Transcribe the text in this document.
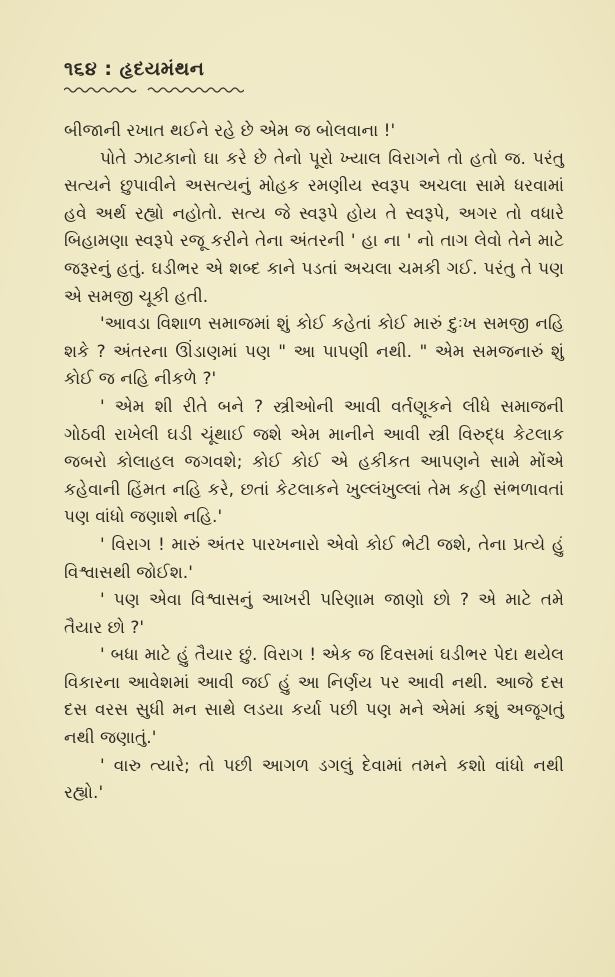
૧૬૪ : હૃદયમંથન

બીજાની રખાત થઈને રહે છે એમ જ બોલવાના !'

પોતે ઝાટકાનો ઘા કરે છે તેનો પૂરો ખ્યાલ વિરાગને તો હતો જ. પરંતુ સત્યને છુપાવીને અસત્યનું મોહક રમણીય સ્વરૂપ અચલા સામે ધરવામાં હવે અર્થ રહ્યો નહોતો. સત્ય જે સ્વરૂપે હોય તે સ્વરૂપે, અગર તો વધારે બિહામણા સ્વરૂપે રજૂ કરીને તેના અંતરની ' હા ના ' નો તાગ લેવો તેને માટે જરૂરનું હતું. ઘડીભર એ શબ્દ કાને પડતાં અચલા ચમકી ગઈ. પરંતુ તે પણ એ સમજી ચૂકી હતી.

'આવડા વિશાળ સમાજમાં શું કોઈ કહેતાં કોઈ મારું દુઃખ સમજી નહિ શકે ? અંતરના ઊંડાણમાં પણ " આ પાપણી નથી. " એમ સમજનારું શું કોઈ જ નહિ નીકળે ?'

' એમ શી રીતે બને ? સ્ત્રીઓની આવી વર્તણૂકને લીધે સમાજની ગોઠવી રાખેલી ઘડી ચૂંથાઈ જશે એમ માનીને આવી સ્ત્રી વિરુદ્ધ કેટલાક જબરો કોલાહલ જગવશે; કોઈ કોઈ એ હકીકત આપણને સામે મોંએ કહેવાની હિંમત નહિ કરે, છતાં કેટલાકને ખુલ્લંખુલ્લાં તેમ કહી સંભળાવતાં પણ વાંધો જણાશે નહિ.'

' વિરાગ ! મારું અંતર પારખનારો એવો કોઈ ભેટી જશે, તેના પ્રત્યે હું વિશ્વાસથી જોઈશ.'

' પણ એવા વિશ્વાસનું આખરી પરિણામ જાણો છો ? એ માટે તમે તૈયાર છો ?'

' બધા માટે હું તૈયાર છું. વિરાગ ! એક જ દિવસમાં ઘડીભર પેદા થયેલ વિકારના આવેશમાં આવી જઈ હું આ નિર્ણય પર આવી નથી. આજે દસ દસ વરસ સુધી મન સાથે લડયા કર્યા પછી પણ મને એમાં કશું અજૂગતું નથી જણાતું.'

' વારુ ત્યારે; તો પછી આગળ ડગલું દેવામાં તમને કશો વાંધો નથી રહ્યો.'
